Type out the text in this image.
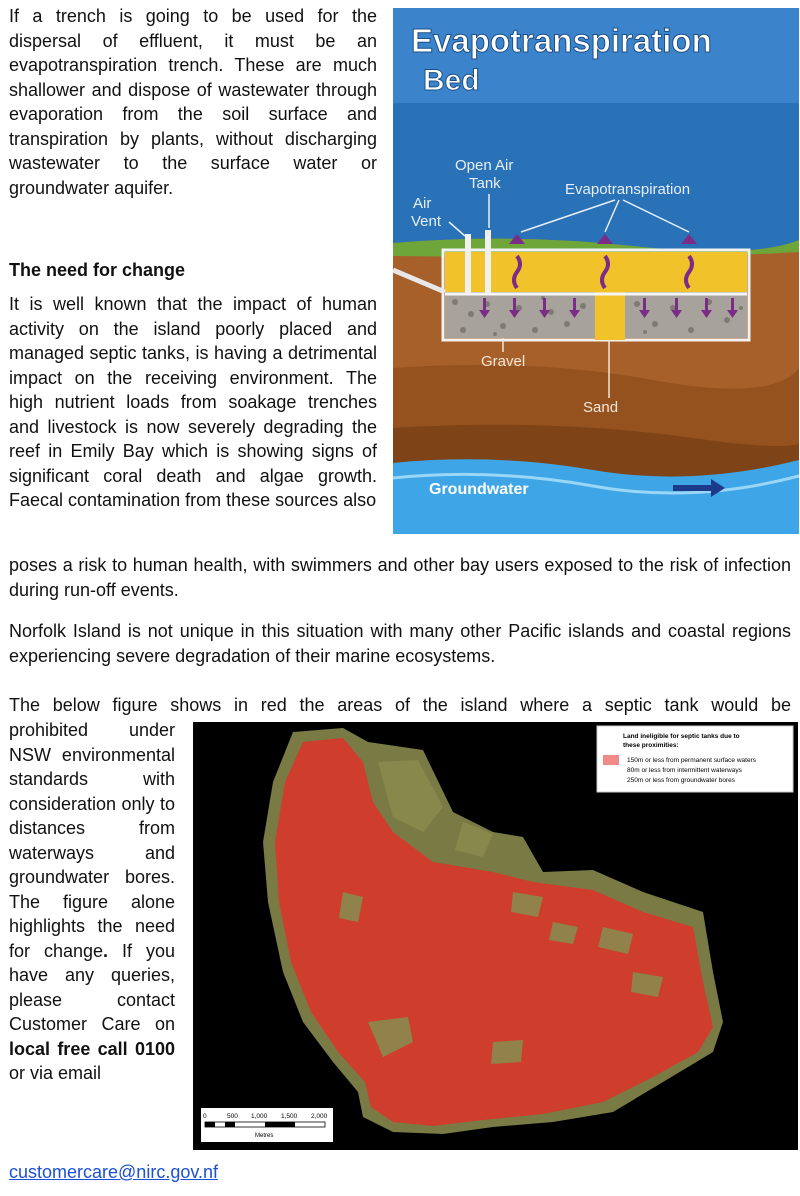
If a trench is going to be used for the dispersal of effluent, it must be an evapotranspiration trench. These are much shallower and dispose of wastewater through evaporation from the soil surface and transpiration by plants, without discharging wastewater to the surface water or groundwater aquifer.

The need for change

It is well known that the impact of human activity on the island poorly placed and managed septic tanks, is having a detrimental impact on the receiving environment. The high nutrient loads from soakage trenches and livestock is now severely degrading the reef in Emily Bay which is showing signs of significant coral death and algae growth. Faecal contamination from these sources also

poses a risk to human health, with swimmers and other bay users exposed to the risk of infection during run-off events.

Norfolk Island is not unique in this situation with many other Pacific islands and coastal regions experiencing severe degradation of their marine ecosystems.

The below figure shows in red the areas of the island where a septic tank would be

prohibited under NSW environmental standards with consideration only to distances from waterways and groundwater bores. The figure alone highlights the need for change. If you have any queries, please contact Customer Care on local free call 0100 or via email

customercare@nirc.gov.nf
Evapotranspiration
Bed
Groundwater
Open Air
Tank	Evapotranspiration
Air
Vent
Gravel
Sand
Land ineligible for septic tanks due to
these proximities:
150m or less from permanent surface waters
80m or less from intermittent waterways
250m or less from groundwater bores
0	500 1,000 1,500 2,000
Metres
